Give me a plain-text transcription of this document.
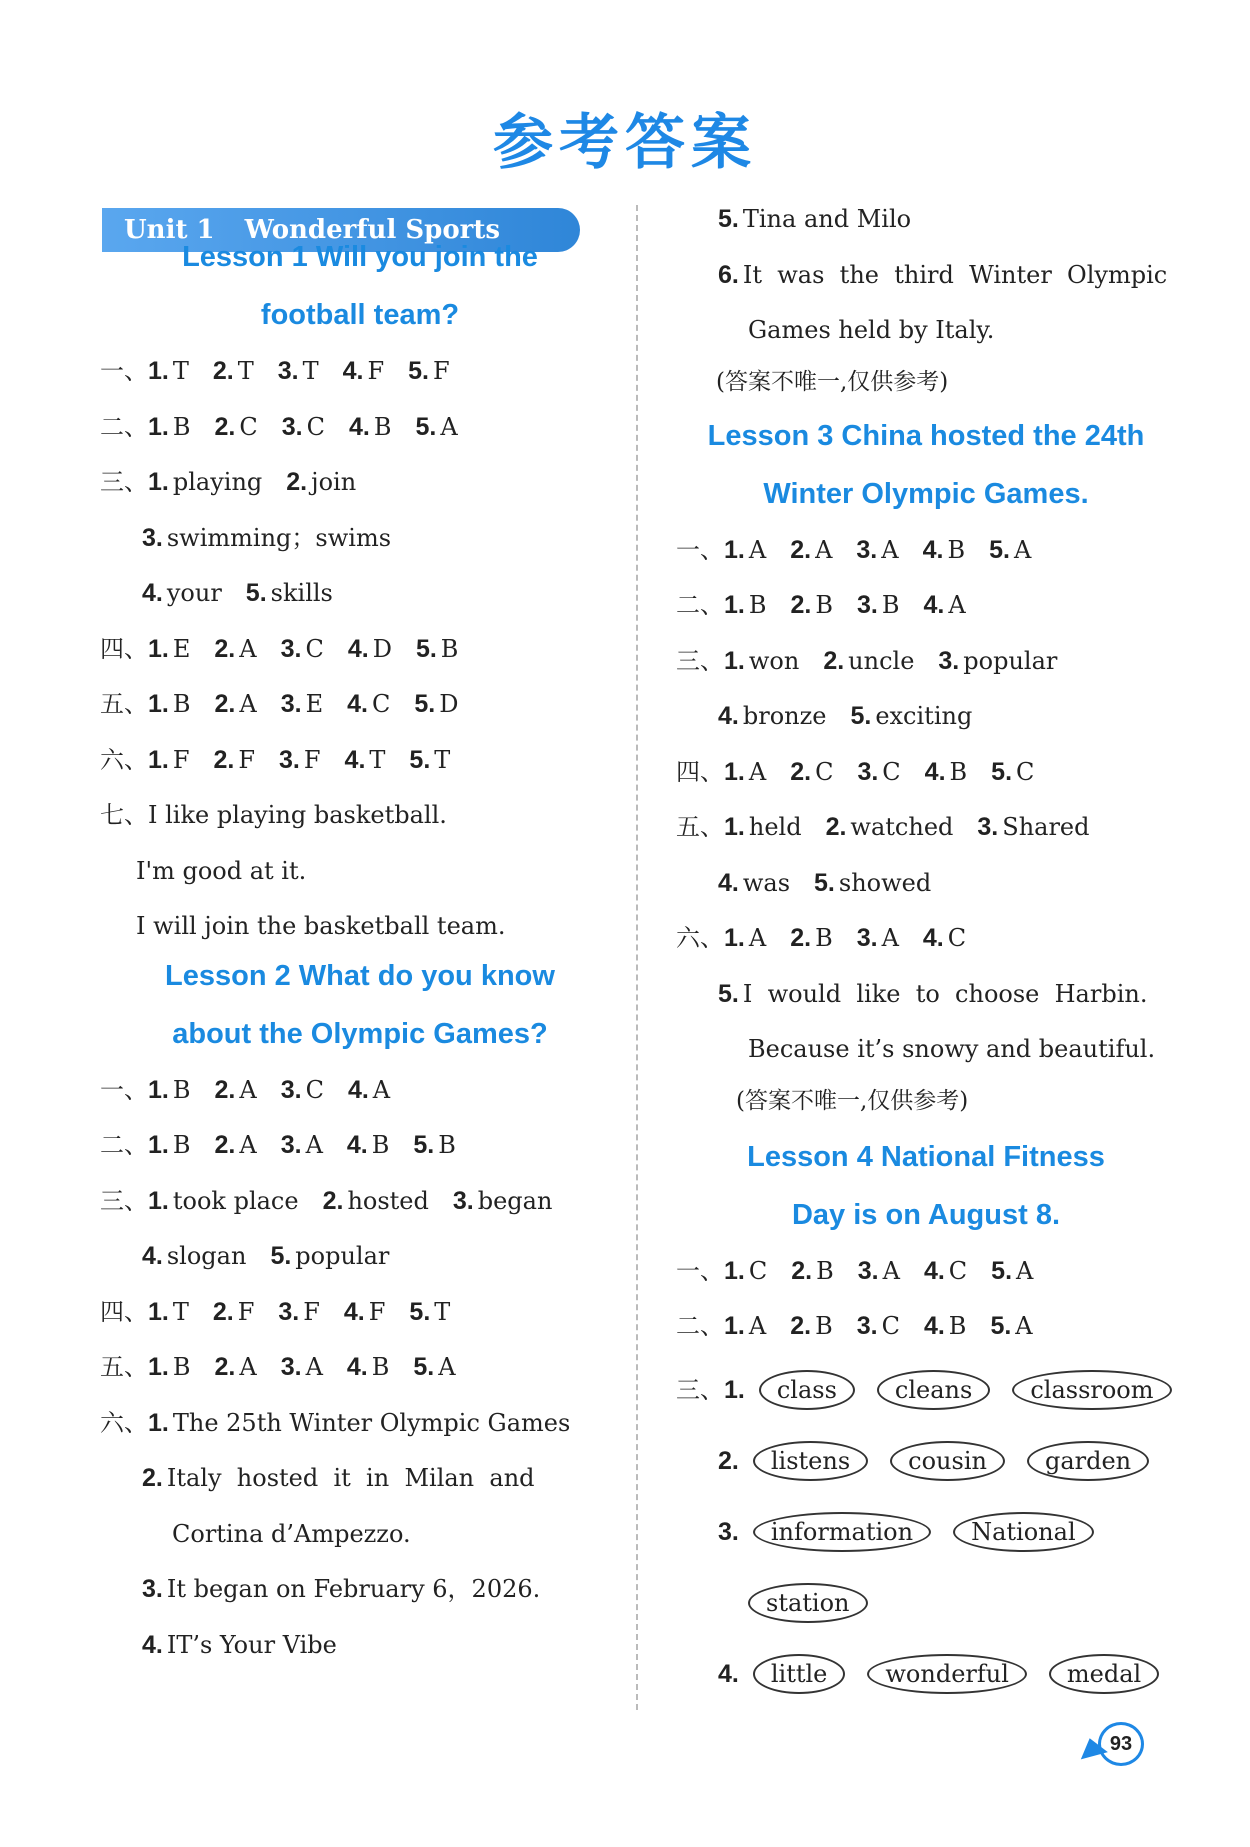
参考答案
Unit 1 Wonderful Sports Events
Lesson 1 Will you join the
football team?
一、1. T 2. T 3. T 4. F 5. F
二、1. B 2. C 3. C 4. B 5. A
三、1. playing 2. join
3. swimming；swims
4. your 5. skills
四、1. E 2. A 3. C 4. D 5. B
五、1. B 2. A 3. E 4. C 5. D
六、1. F 2. F 3. F 4. T 5. T
七、I like playing basketball.
I'm good at it.
I will join the basketball team.
Lesson 2 What do you know
about the Olympic Games?
一、1. B 2. A 3. C 4. A
二、1. B 2. A 3. A 4. B 5. B
三、1. took place 2. hosted 3. began
4. slogan 5. popular
四、1. T 2. F 3. F 4. F 5. T
五、1. B 2. A 3. A 4. B 5. A
六、1. The 25th Winter Olympic Games
2. Italy  hosted  it  in  Milan  and
Cortina d’Ampezzo.
3. It began on February 6，2026.
4. IT’s Your Vibe
5. Tina and Milo
6. It  was  the  third  Winter  Olympic
Games held by Italy.
(答案不唯一,仅供参考)
Lesson 3 China hosted the 24th
Winter Olympic Games.
一、1. A 2. A 3. A 4. B 5. A
二、1. B 2. B 3. B 4. A
三、1. won 2. uncle 3. popular
4. bronze 5. exciting
四、1. A 2. C 3. C 4. B 5. C
五、1. held 2. watched 3. Shared
4. was 5. showed
六、1. A 2. B 3. A 4. C
5. I  would  like  to  choose  Harbin.
Because it’s snowy and beautiful.
(答案不唯一,仅供参考)
Lesson 4 National Fitness
Day is on August 8.
一、1. C 2. B 3. A 4. C 5. A
二、1. A 2. B 3. C 4. B 5. A
三、1. class cleans classroom
2. listens cousin garden
3. information National
station
4. little wonderful medal
93
